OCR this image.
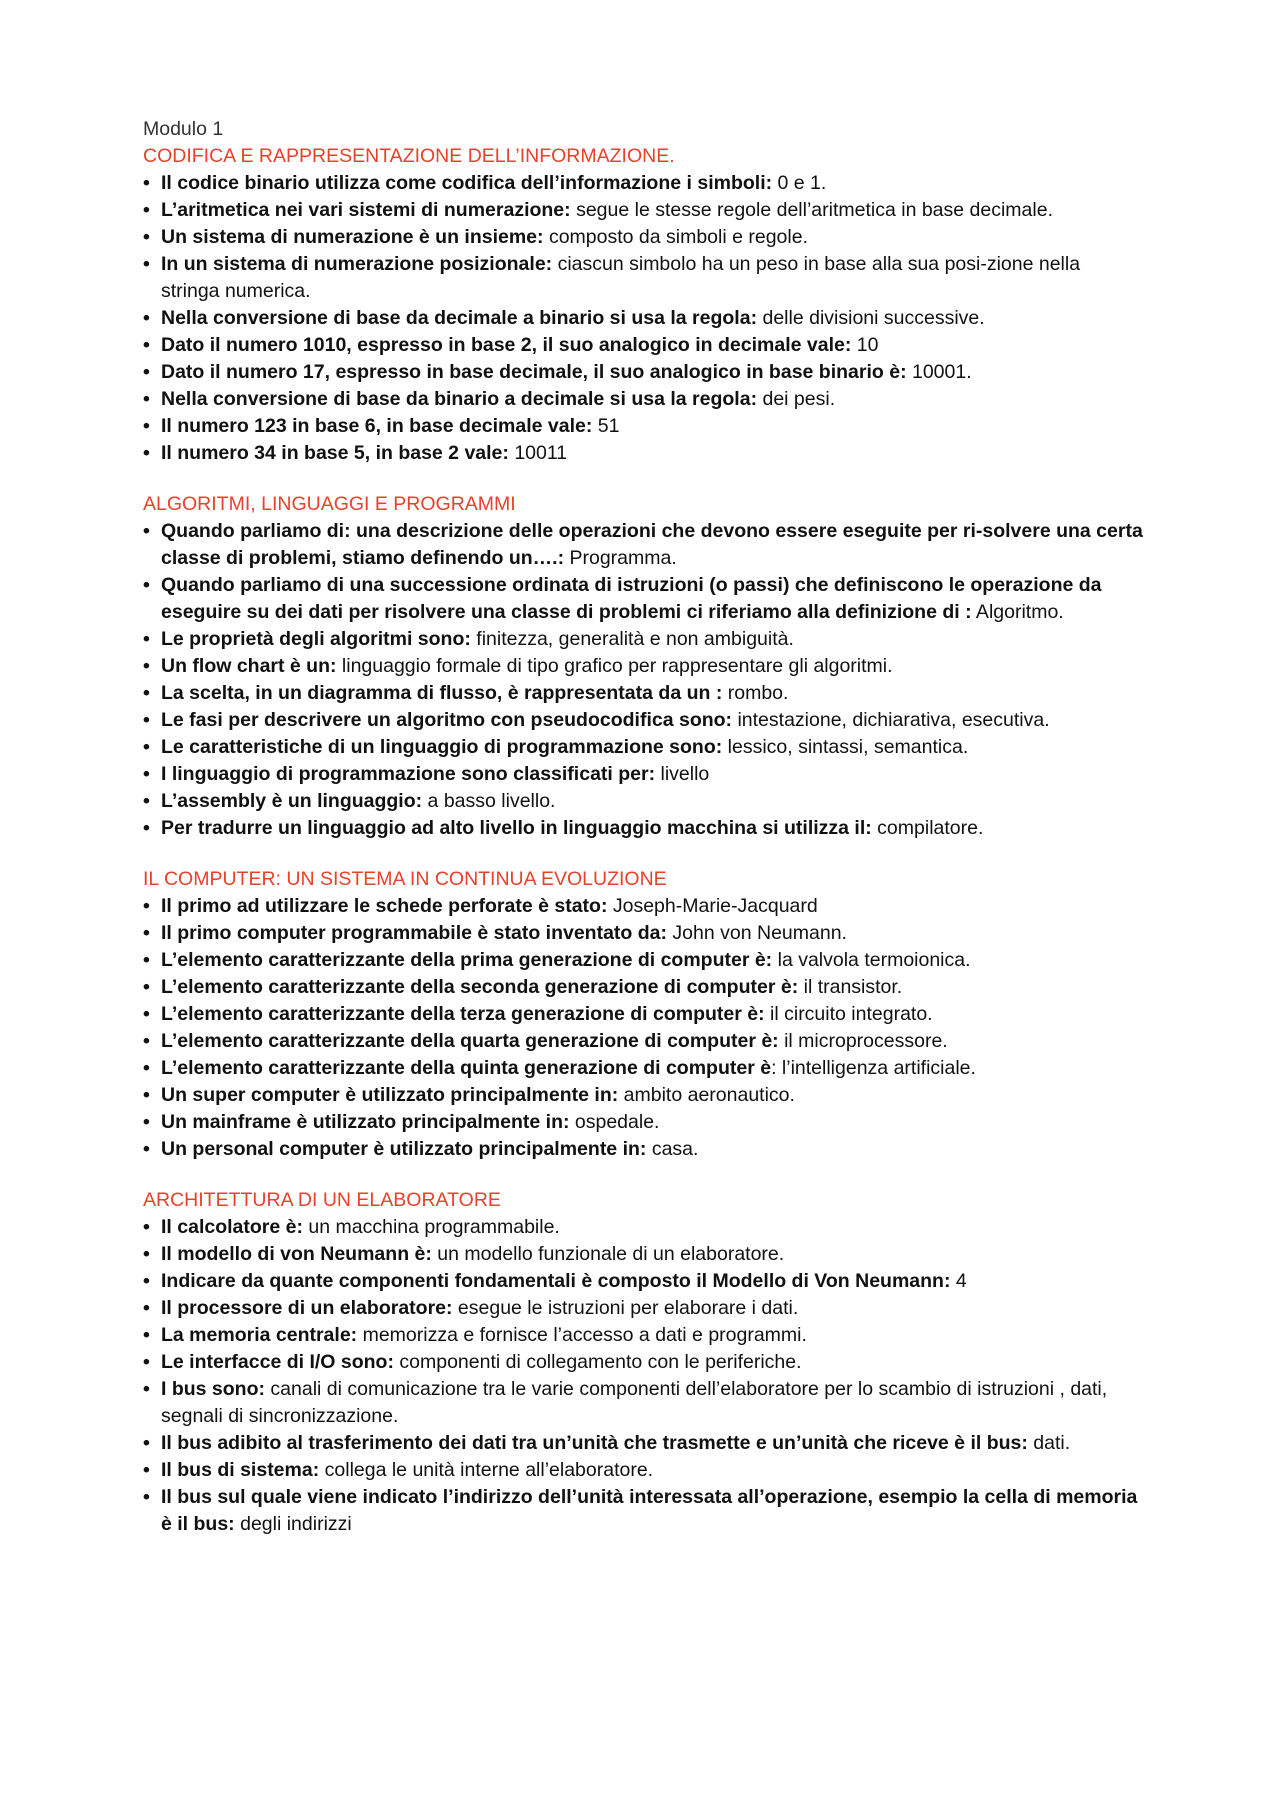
Modulo 1
CODIFICA E RAPPRESENTAZIONE DELL’INFORMAZIONE.
• Il codice binario utilizza come codifica dell’informazione i simboli: 0 e 1.
• L’aritmetica nei vari sistemi di numerazione: segue le stesse regole dell’aritmetica in base decimale.
• Un sistema di numerazione è un insieme: composto da simboli e regole.
• In un sistema di numerazione posizionale: ciascun simbolo ha un peso in base alla sua posi-zione nella stringa numerica.
• Nella conversione di base da decimale a binario si usa la regola: delle divisioni successive.
• Dato il numero 1010, espresso in base 2, il suo analogico in decimale vale: 10
• Dato il numero 17, espresso in base decimale, il suo analogico in base binario è: 10001.
• Nella conversione di base da binario a decimale si usa la regola: dei pesi.
• Il numero 123 in base 6, in base decimale vale: 51
• Il numero 34 in base 5, in base 2 vale: 10011
ALGORITMI, LINGUAGGI E PROGRAMMI
• Quando parliamo di: una descrizione delle operazioni che devono essere eseguite per ri-solvere una certa classe di problemi, stiamo definendo un….: Programma.
• Quando parliamo di una successione ordinata di istruzioni (o passi) che definiscono le operazione da eseguire su dei dati per risolvere una classe di problemi ci riferiamo alla definizione di : Algoritmo.
• Le proprietà degli algoritmi sono: finitezza, generalità e non ambiguità.
• Un flow chart è un: linguaggio formale di tipo grafico per rappresentare gli algoritmi.
• La scelta, in un diagramma di flusso, è rappresentata da un : rombo.
• Le fasi per descrivere un algoritmo con pseudocodifica sono: intestazione, dichiarativa, esecutiva.
• Le caratteristiche di un linguaggio di programmazione sono: lessico, sintassi, semantica.
• I linguaggio di programmazione sono classificati per: livello
• L’assembly è un linguaggio: a basso livello.
• Per tradurre un linguaggio ad alto livello in linguaggio macchina si utilizza il: compilatore.
IL COMPUTER: UN SISTEMA IN CONTINUA EVOLUZIONE
• Il primo ad utilizzare le schede perforate è stato: Joseph-Marie-Jacquard
• Il primo computer programmabile è stato inventato da: John von Neumann.
• L’elemento caratterizzante della prima generazione di computer è: la valvola termoionica.
• L’elemento caratterizzante della seconda generazione di computer è: il transistor.
• L’elemento caratterizzante della terza generazione di computer è: il circuito integrato.
• L’elemento caratterizzante della quarta generazione di computer è: il microprocessore.
• L’elemento caratterizzante della quinta generazione di computer è: l’intelligenza artificiale.
• Un super computer è utilizzato principalmente in: ambito aeronautico.
• Un mainframe è utilizzato principalmente in: ospedale.
• Un personal computer è utilizzato principalmente in: casa.
ARCHITETTURA DI UN ELABORATORE
• Il calcolatore è: un macchina programmabile.
• Il modello di von Neumann è: un modello funzionale di un elaboratore.
• Indicare da quante componenti fondamentali è composto il Modello di Von Neumann: 4
• Il processore di un elaboratore: esegue le istruzioni per elaborare i dati.
• La memoria centrale: memorizza e fornisce l’accesso a dati e programmi.
• Le interfacce di I/O sono: componenti di collegamento con le periferiche.
• I bus sono: canali di comunicazione tra le varie componenti dell’elaboratore per lo scambio di istruzioni , dati, segnali di sincronizzazione.
• Il bus adibito al trasferimento dei dati tra un’unità che trasmette e un’unità che riceve è il bus: dati.
• Il bus di sistema: collega le unità interne all’elaboratore.
• Il bus sul quale viene indicato l’indirizzo dell’unità interessata all’operazione, esempio la cella di memoria è il bus: degli indirizzi
